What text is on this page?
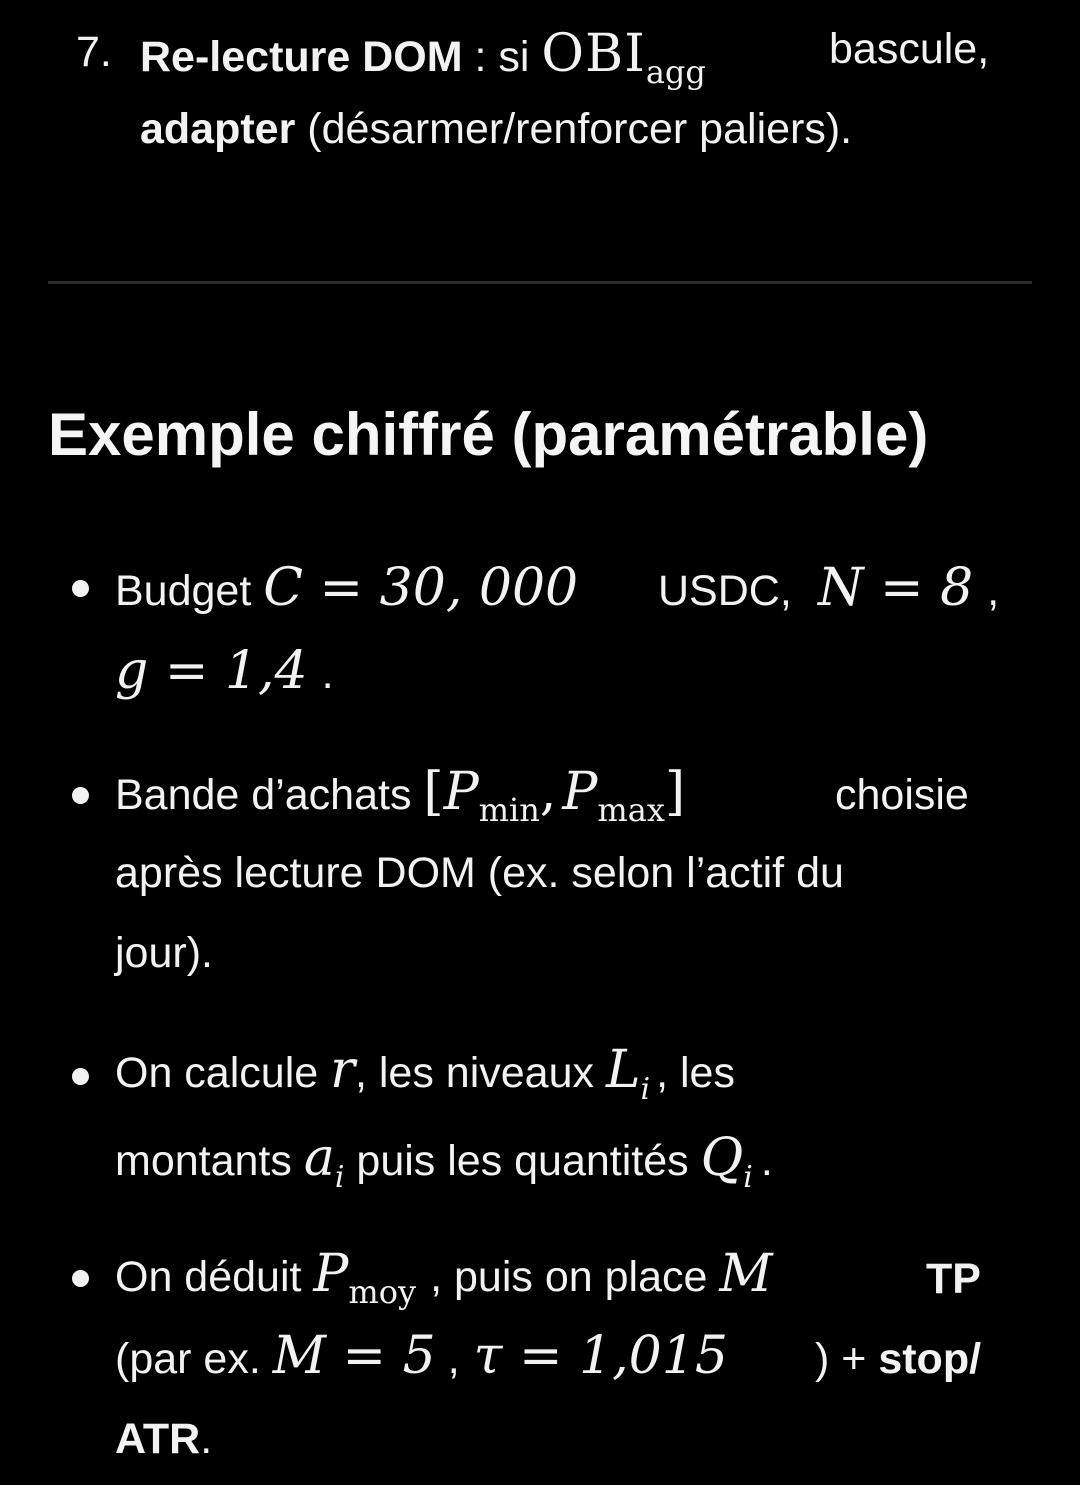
7. Re-lecture DOM : si $OBI_{agg}$	bascule,
adapter (désarmer/renforcer paliers).
Exemple chiffré (paramétrable)
Budget C = 30, 000 USDC, N = 8 ,
g = 1,4 .
Bande d’achats [$P_{min}$, $P_{max}$]	choisie
après lecture DOM (ex. selon l’actif du
jour).
On calcule r, les niveaux $L_i$ , les
montants $a_i$ puis les quantités $Q_i$ .
On déduit $P_{moy}$ , puis on place M	TP
(par ex. M = 5 , τ = 1,015 ) + stop/
ATR.
